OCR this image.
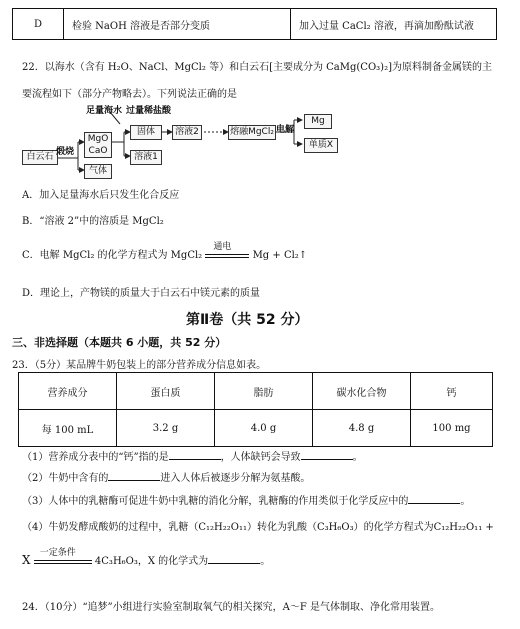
D	检验 NaOH 溶液是否部分变质	加入过量 CaCl₂ 溶液，再滴加酚酞试液
22．以海水（含有 H₂O、NaCl、MgCl₂ 等）和白云石[主要成分为 CaMg(CO₃)₂]为原料制备金属镁的主
要流程如下（部分产物略去）。下列说法正确的是
白云石 煅烧
MgO
CaO
气体
足量海水 过量稀盐酸
固体
溶液1
溶液2	熔融MgCl₂ 电解
Mg
单质X
A．加入足量海水后只发生化合反应
B．“溶液 2”中的溶质是 MgCl₂
C．电解 MgCl₂ 的化学方程式为 MgCl₂
通电
Mg + Cl₂↑
D．理论上，产物镁的质量大于白云石中镁元素的质量
第Ⅱ卷（共 52 分）
三、非选择题（本题共 6 小题，共 52 分）
23．（5分）某品牌牛奶包装上的部分营养成分信息如表。
营养成分	蛋白质	脂肪	碳水化合物	钙
每 100 mL	3.2 g	4.0 g	4.8 g	100 mg
（1）营养成分表中的“钙”指的是	，人体缺钙会导致	。
（2）牛奶中含有的	进入人体后被逐步分解为氨基酸。
（3）人体中的乳糖酶可促进牛奶中乳糖的消化分解，乳糖酶的作用类似于化学反应中的	。
（4）牛奶发酵成酸奶的过程中，乳糖（C₁₂H₂₂O₁₁）转化为乳酸（C₃H₆O₃）的化学方程式为C₁₂H₂₂O₁₁ +
X
一定条件
4C₃H₆O₃，X 的化学式为	。
24．（10分）“追梦”小组进行实验室制取氧气的相关探究，A～F 是气体制取、净化常用装置。
